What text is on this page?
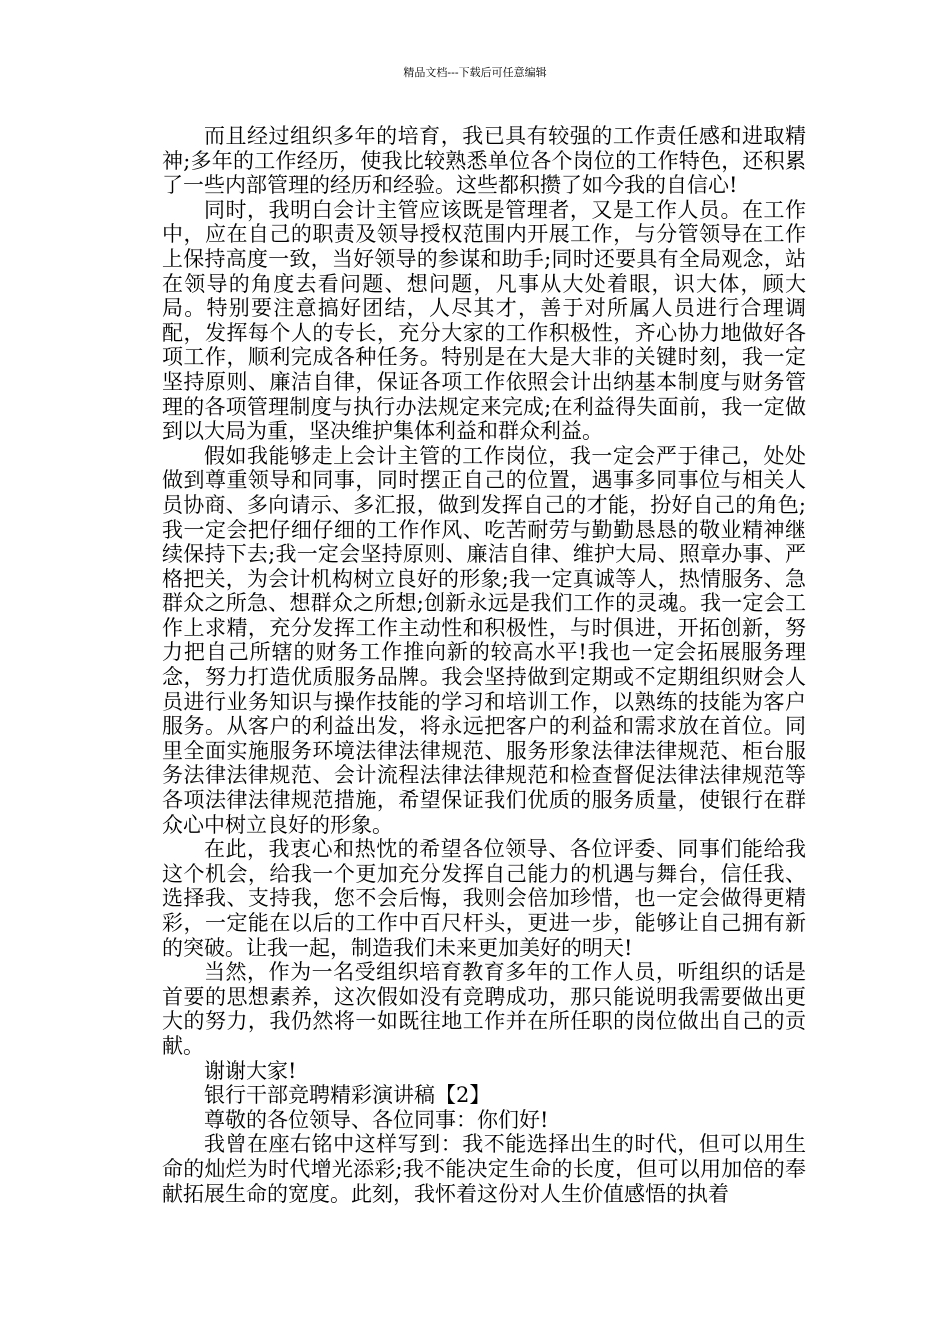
精品文档---下载后可任意编辑

而且经过组织多年的培育，我已具有较强的工作责任感和进取精神;多年的工作经历，使我比较熟悉单位各个岗位的工作特色，还积累了一些内部管理的经历和经验。这些都积攒了如今我的自信心!

同时，我明白会计主管应该既是管理者，又是工作人员。在工作中，应在自己的职责及领导授权范围内开展工作，与分管领导在工作上保持高度一致，当好领导的参谋和助手;同时还要具有全局观念，站在领导的角度去看问题、想问题，凡事从大处着眼，识大体，顾大局。特别要注意搞好团结，人尽其才，善于对所属人员进行合理调配，发挥每个人的专长，充分大家的工作积极性，齐心协力地做好各项工作，顺利完成各种任务。特别是在大是大非的关键时刻，我一定坚持原则、廉洁自律，保证各项工作依照会计出纳基本制度与财务管理的各项管理制度与执行办法规定来完成;在利益得失面前，我一定做到以大局为重，坚决维护集体利益和群众利益。

假如我能够走上会计主管的工作岗位，我一定会严于律己，处处做到尊重领导和同事，同时摆正自己的位置，遇事多同事位与相关人员协商、多向请示、多汇报，做到发挥自己的才能，扮好自己的角色;我一定会把仔细仔细的工作作风、吃苦耐劳与勤勤恳恳的敬业精神继续保持下去;我一定会坚持原则、廉洁自律、维护大局、照章办事、严格把关，为会计机构树立良好的形象;我一定真诚等人，热情服务、急群众之所急、想群众之所想;创新永远是我们工作的灵魂。我一定会工作上求精，充分发挥工作主动性和积极性，与时俱进，开拓创新，努力把自己所辖的财务工作推向新的较高水平!我也一定会拓展服务理念，努力打造优质服务品牌。我会坚持做到定期或不定期组织财会人员进行业务知识与操作技能的学习和培训工作，以熟练的技能为客户服务。从客户的利益出发，将永远把客户的利益和需求放在首位。同里全面实施服务环境法律法律规范、服务形象法律法律规范、柜台服务法律法律规范、会计流程法律法律规范和检查督促法律法律规范等各项法律法律规范措施，希望保证我们优质的服务质量，使银行在群众心中树立良好的形象。

在此，我衷心和热忱的希望各位领导、各位评委、同事们能给我这个机会，给我一个更加充分发挥自己能力的机遇与舞台，信任我、选择我、支持我，您不会后悔，我则会倍加珍惜，也一定会做得更精彩，一定能在以后的工作中百尺杆头，更进一步，能够让自己拥有新的突破。让我一起，制造我们未来更加美好的明天!

当然，作为一名受组织培育教育多年的工作人员，听组织的话是首要的思想素养，这次假如没有竞聘成功，那只能说明我需要做出更大的努力，我仍然将一如既往地工作并在所任职的岗位做出自己的贡献。

谢谢大家!

银行干部竞聘精彩演讲稿【2】

尊敬的各位领导、各位同事：你们好!

我曾在座右铭中这样写到：我不能选择出生的时代，但可以用生命的灿烂为时代增光添彩;我不能决定生命的长度，但可以用加倍的奉献拓展生命的宽度。此刻，我怀着这份对人生价值感悟的执着
